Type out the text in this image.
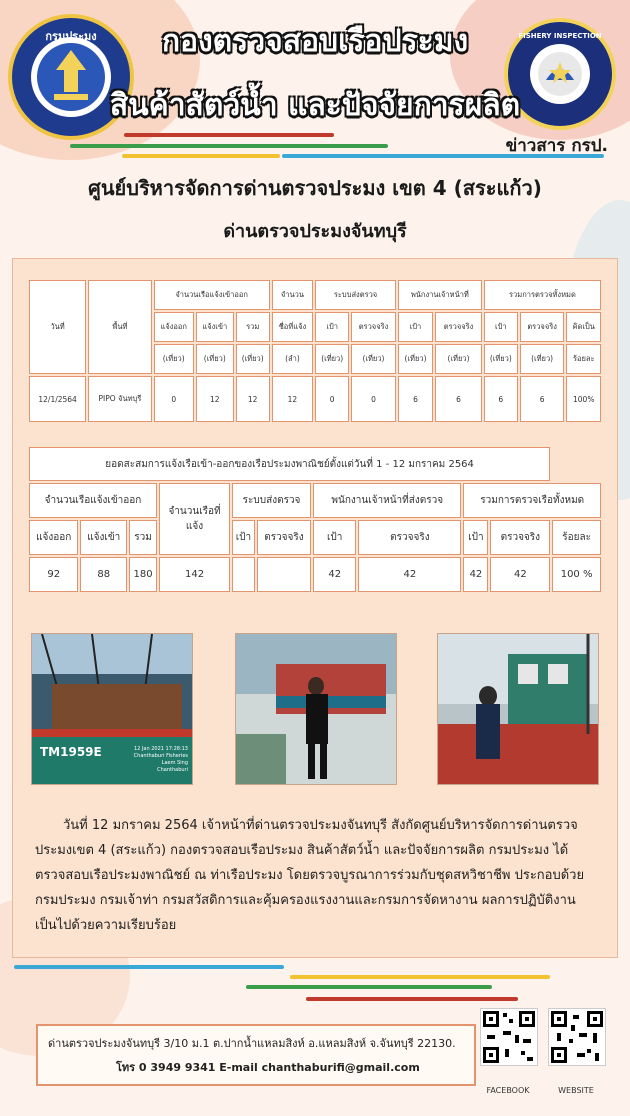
กรมประมง	FISHERY INSPECTION
กองตรวจสอบเรือประมง
สินค้าสัตว์น้ำ และปัจจัยการผลิต
ข่าวสาร กรป.
ศูนย์บริหารจัดการด่านตรวจประมง เขต 4 (สระแก้ว)
ด่านตรวจประมงจันทบุรี
วันที่	พื้นที่	จำนวนเรือแจ้งเข้าออก			จำนวน	ระบบส่งตรวจ		พนักงานเจ้าหน้าที่		รวมการตรวจทั้งหมด		
		แจ้งออก	แจ้งเข้า	รวม	ชื่อที่แจ้ง	เป้า	ตรวจจริง	เป้า	ตรวจจริง	เป้า	ตรวจจริง	คิดเป็น
		(เที่ยว)	(เที่ยว)	(เที่ยว)	(ลำ)	(เที่ยว)	(เที่ยว)	(เที่ยว)	(เที่ยว)	(เที่ยว)	(เที่ยว)	ร้อยละ
12/1/2564	PIPO จันทบุรี	0	12	12	12	0	0	6	6	6	6	100%
ยอดสะสมการแจ้งเรือเข้า-ออกของเรือประมงพาณิชย์ตั้งแต่วันที่ 1 - 12 มกราคม 2564										
จำนวนเรือแจ้งเข้าออก			จำนวนเรือที่
แจ้ง	ระบบส่งตรวจ		พนักงานเจ้าหน้าที่ส่งตรวจ		รวมการตรวจเรือทั้งหมด		
แจ้งออก	แจ้งเข้า	รวม		เป้า	ตรวจจริง	เป้า	ตรวจจริง	เป้า	ตรวจจริง	ร้อยละ
92	88	180	142			42	42	42	42	100 %
TM1959E	12 Jan 2021 17:28:13
Chanthaburi Fisheries
Laem Sing
Chanthaburi
วันที่ 12 มกราคม 2564 เจ้าหน้าที่ด่านตรวจประมงจันทบุรี สังกัดศูนย์บริหารจัดการด่านตรวจประมงเขต 4 (สระแก้ว) กองตรวจสอบเรือประมง สินค้าสัตว์น้ำ และปัจจัยการผลิต กรมประมง ได้ตรวจสอบเรือประมงพาณิชย์ ณ ท่าเรือประมง โดยตรวจบูรณาการร่วมกับชุดสหวิชาชีพ ประกอบด้วย กรมประมง กรมเจ้าท่า กรมสวัสดิการและคุ้มครองแรงงานและกรมการจัดหางาน ผลการปฏิบัติงานเป็นไปด้วยความเรียบร้อย
ด่านตรวจประมงจันทบุรี 3/10 ม.1 ต.ปากน้ำแหลมสิงห์ อ.แหลมสิงห์ จ.จันทบุรี 22130.
โทร 0 3949 9341 E-mail chanthaburifi@gmail.com
FACEBOOK	WEBSITE
